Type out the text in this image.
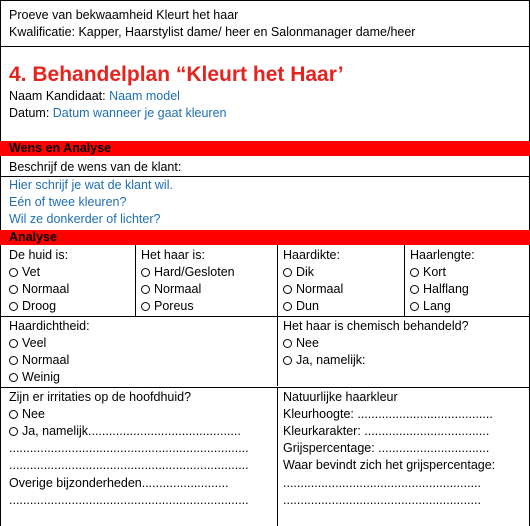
Proeve van bekwaamheid Kleurt het haar
Kwalificatie: Kapper, Haarstylist dame/ heer en Salonmanager dame/heer
4. Behandelplan “Kleurt het Haar’
Naam Kandidaat: Naam model
Datum: Datum wanneer je gaat kleuren
Wens en Analyse
Beschrijf de wens van de klant:
Hier schrijf je wat de klant wil.
Eén of twee kleuren?
Wil ze donkerder of lichter?
Analyse
De huid is:
Vet
Normaal
Droog
Het haar is:
Hard/Gesloten
Normaal
Poreus
Haardikte:
Dik
Normaal
Dun
Haarlengte:
Kort
Halflang
Lang
Haardichtheid:
Veel
Normaal
Weinig
Het haar is chemisch behandeld?
Nee
Ja, namelijk:
Zijn er irritaties op de hoofdhuid?
Nee
Ja, namelijk............................................
.....................................................................
.....................................................................
Overige bijzonderheden.........................
.....................................................................
Natuurlijke haarkleur
Kleurhoogte: .......................................
Kleurkarakter: ....................................
Grijspercentage: ................................
Waar bevindt zich het grijspercentage:
.........................................................
.........................................................
